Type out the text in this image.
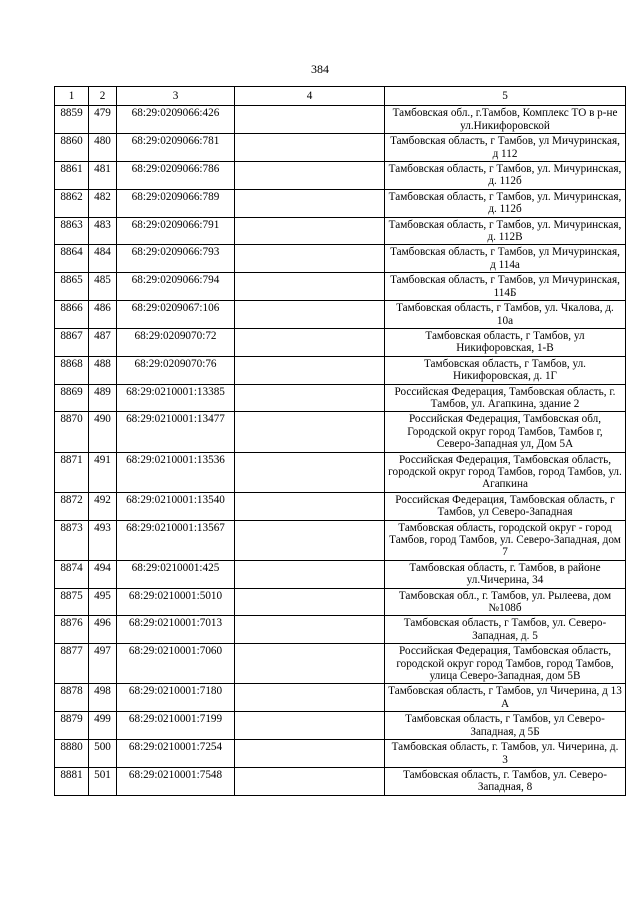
384
1	2	3	4	5
8859	479	68:29:0209066:426		Тамбовская обл., г.Тамбов, Комплекс ТО в р-не ул.Никифоровской
8860	480	68:29:0209066:781		Тамбовская область, г Тамбов, ул Мичуринская, д 112
8861	481	68:29:0209066:786		Тамбовская область, г Тамбов, ул. Мичуринская, д. 112б
8862	482	68:29:0209066:789		Тамбовская область, г Тамбов, ул. Мичуринская, д. 112б
8863	483	68:29:0209066:791		Тамбовская область, г Тамбов, ул. Мичуринская, д. 112В
8864	484	68:29:0209066:793		Тамбовская область, г Тамбов, ул Мичуринская, д 114а
8865	485	68:29:0209066:794		Тамбовская область, г Тамбов, ул Мичуринская, 114Б
8866	486	68:29:0209067:106		Тамбовская область, г Тамбов, ул. Чкалова, д. 10а
8867	487	68:29:0209070:72		Тамбовская область, г Тамбов, ул Никифоровская, 1-В
8868	488	68:29:0209070:76		Тамбовская область, г Тамбов, ул. Никифоровская, д. 1Г
8869	489	68:29:0210001:13385		Российская Федерация, Тамбовская область, г. Тамбов, ул. Агапкина, здание 2
8870	490	68:29:0210001:13477		Российская Федерация, Тамбовская обл, Городской округ город Тамбов, Тамбов г, Северо-Западная ул, Дом 5А
8871	491	68:29:0210001:13536		Российская Федерация, Тамбовская область, городской округ город Тамбов, город Тамбов, ул. Агапкина
8872	492	68:29:0210001:13540		Российская Федерация, Тамбовская область, г Тамбов, ул Северо-Западная
8873	493	68:29:0210001:13567		Тамбовская область, городской округ - город Тамбов, город Тамбов, ул. Северо-Западная, дом 7
8874	494	68:29:0210001:425		Тамбовская область, г. Тамбов, в районе ул.Чичерина, 34
8875	495	68:29:0210001:5010		Тамбовская обл., г. Тамбов, ул. Рылеева, дом №108б
8876	496	68:29:0210001:7013		Тамбовская область, г Тамбов, ул. Северо-Западная, д. 5
8877	497	68:29:0210001:7060		Российская Федерация, Тамбовская область, городской округ город Тамбов, город Тамбов, улица Северо-Западная, дом 5В
8878	498	68:29:0210001:7180		Тамбовская область, г Тамбов, ул Чичерина, д 13 А
8879	499	68:29:0210001:7199		Тамбовская область, г Тамбов, ул Северо-Западная, д 5Б
8880	500	68:29:0210001:7254		Тамбовская область, г. Тамбов, ул. Чичерина, д. 3
8881	501	68:29:0210001:7548		Тамбовская область, г. Тамбов, ул. Северо-Западная, 8
